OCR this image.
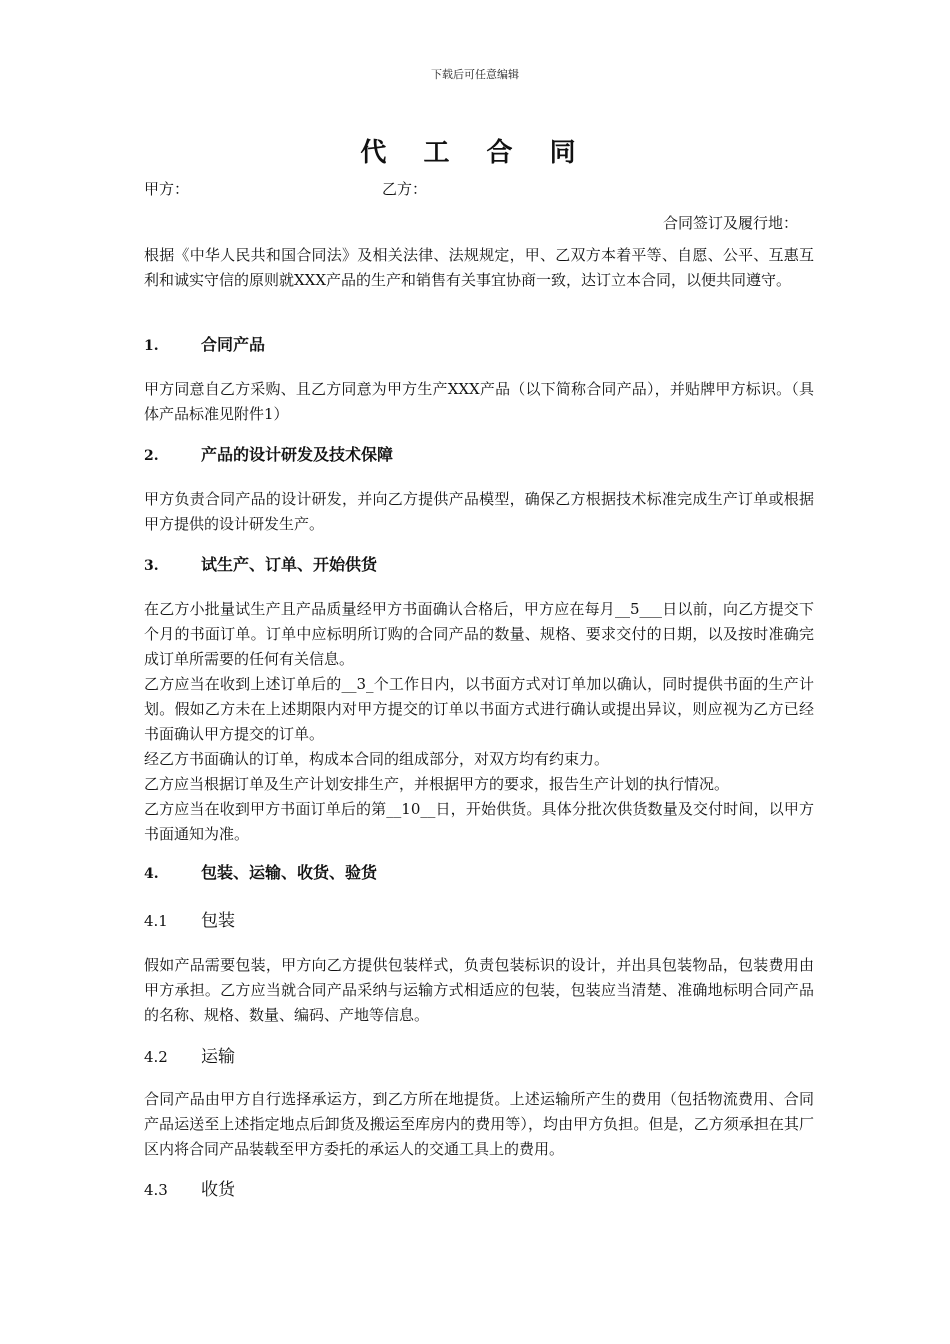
下载后可任意编辑
代 工 合 同
甲方：	乙方：
合同签订及履行地：
根据《中华人民共和国合同法》及相关法律、法规规定，甲、乙双方本着平等、自愿、公平、互惠互利和诚实守信的原则就XXX产品的生产和销售有关事宜协商一致，达订立本合同，以便共同遵守。
1.	合同产品
甲方同意自乙方采购、且乙方同意为甲方生产XXX产品（以下简称合同产品），并贴牌甲方标识。（具体产品标准见附件1）
2.	产品的设计研发及技术保障
甲方负责合同产品的设计研发，并向乙方提供产品模型，确保乙方根据技术标准完成生产订单或根据甲方提供的设计研发生产。
3.	试生产、订单、开始供货
在乙方小批量试生产且产品质量经甲方书面确认合格后，甲方应在每月__5___日以前，向乙方提交下个月的书面订单。订单中应标明所订购的合同产品的数量、规格、要求交付的日期，以及按时准确完成订单所需要的任何有关信息。
乙方应当在收到上述订单后的__3_个工作日内，以书面方式对订单加以确认，同时提供书面的生产计划。假如乙方未在上述期限内对甲方提交的订单以书面方式进行确认或提出异议，则应视为乙方已经书面确认甲方提交的订单。
经乙方书面确认的订单，构成本合同的组成部分，对双方均有约束力。
乙方应当根据订单及生产计划安排生产，并根据甲方的要求，报告生产计划的执行情况。
乙方应当在收到甲方书面订单后的第__10__日，开始供货。具体分批次供货数量及交付时间，以甲方书面通知为准。
4.	包装、运输、收货、验货
4.1 包装
假如产品需要包装，甲方向乙方提供包装样式，负责包装标识的设计，并出具包装物品，包装费用由甲方承担。乙方应当就合同产品采纳与运输方式相适应的包装，包装应当清楚、准确地标明合同产品的名称、规格、数量、编码、产地等信息。
4.2 运输
合同产品由甲方自行选择承运方，到乙方所在地提货。上述运输所产生的费用（包括物流费用、合同产品运送至上述指定地点后卸货及搬运至库房内的费用等），均由甲方负担。但是，乙方须承担在其厂区内将合同产品装载至甲方委托的承运人的交通工具上的费用。
4.3 收货
